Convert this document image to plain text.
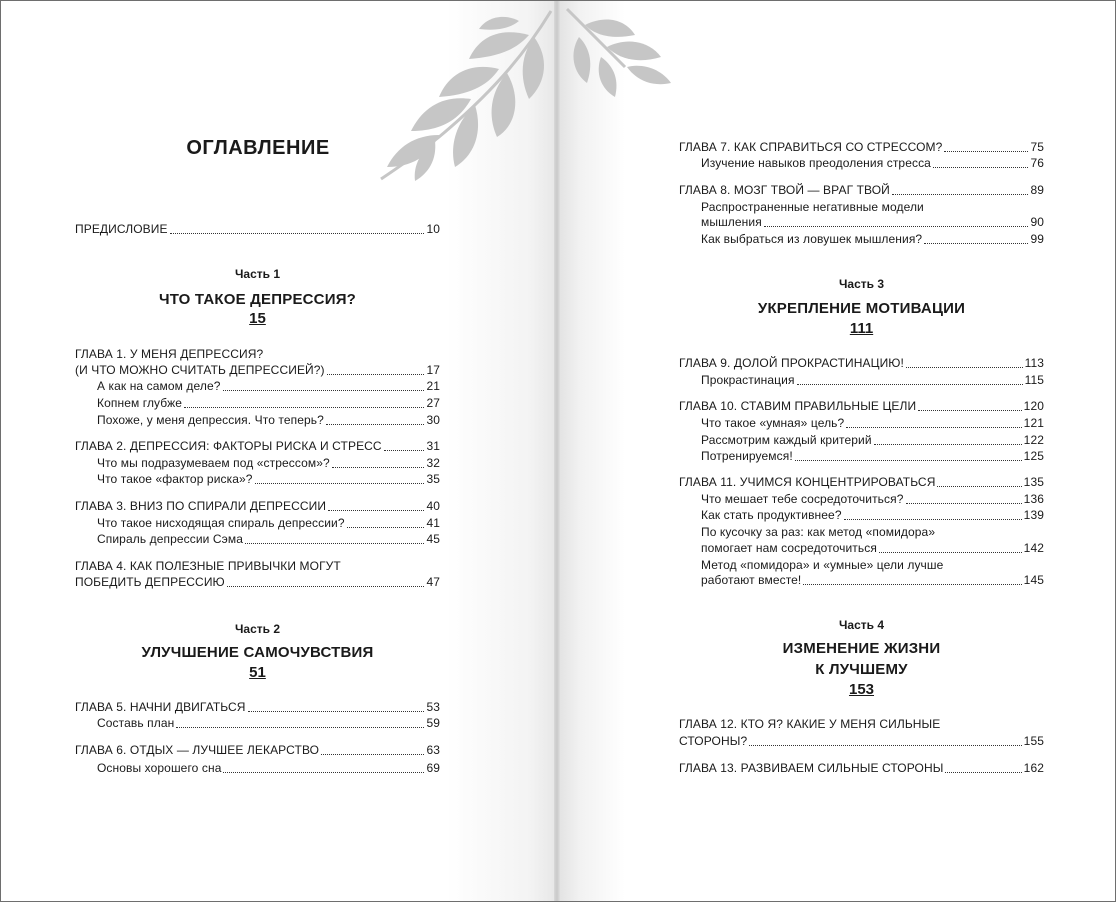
ОГЛАВЛЕНИЕ
ПРЕДИСЛОВИЕ	10
Часть 1
ЧТО ТАКОЕ ДЕПРЕССИЯ?
15
ГЛАВА 1. У МЕНЯ ДЕПРЕССИЯ?
(И ЧТО МОЖНО СЧИТАТЬ ДЕПРЕССИЕЙ?)	17
А как на самом деле?	21
Копнем глубже	27
Похоже, у меня депрессия. Что теперь?	30
ГЛАВА 2. ДЕПРЕССИЯ: ФАКТОРЫ РИСКА И СТРЕСС	31
Что мы подразумеваем под «стрессом»?	32
Что такое «фактор риска»?	35
ГЛАВА 3. ВНИЗ ПО СПИРАЛИ ДЕПРЕССИИ	40
Что такое нисходящая спираль депрессии?	41
Спираль депрессии Сэма	45
ГЛАВА 4. КАК ПОЛЕЗНЫЕ ПРИВЫЧКИ МОГУТ
ПОБЕДИТЬ ДЕПРЕССИЮ	47
Часть 2
УЛУЧШЕНИЕ САМОЧУВСТВИЯ
51
ГЛАВА 5. НАЧНИ ДВИГАТЬСЯ	53
Составь план	59
ГЛАВА 6. ОТДЫХ — ЛУЧШЕЕ ЛЕКАРСТВО	63
Основы хорошего сна	69
ГЛАВА 7. КАК СПРАВИТЬСЯ СО СТРЕССОМ?	75
Изучение навыков преодоления стресса	76
ГЛАВА 8. МОЗГ ТВОЙ — ВРАГ ТВОЙ	89
Распространенные негативные модели
мышления	90
Как выбраться из ловушек мышления?	99
Часть 3
УКРЕПЛЕНИЕ МОТИВАЦИИ
111
ГЛАВА 9. ДОЛОЙ ПРОКРАСТИНАЦИЮ!	113
Прокрастинация	115
ГЛАВА 10. СТАВИМ ПРАВИЛЬНЫЕ ЦЕЛИ	120
Что такое «умная» цель?	121
Рассмотрим каждый критерий	122
Потренируемся!	125
ГЛАВА 11. УЧИМСЯ КОНЦЕНТРИРОВАТЬСЯ	135
Что мешает тебе сосредоточиться?	136
Как стать продуктивнее?	139
По кусочку за раз: как метод «помидора»
помогает нам сосредоточиться	142
Метод «помидора» и «умные» цели лучше
работают вместе!	145
Часть 4
ИЗМЕНЕНИЕ ЖИЗНИ
К ЛУЧШЕМУ
153
ГЛАВА 12. КТО Я? КАКИЕ У МЕНЯ СИЛЬНЫЕ
СТОРОНЫ?	155
ГЛАВА 13. РАЗВИВАЕМ СИЛЬНЫЕ СТОРОНЫ	162
